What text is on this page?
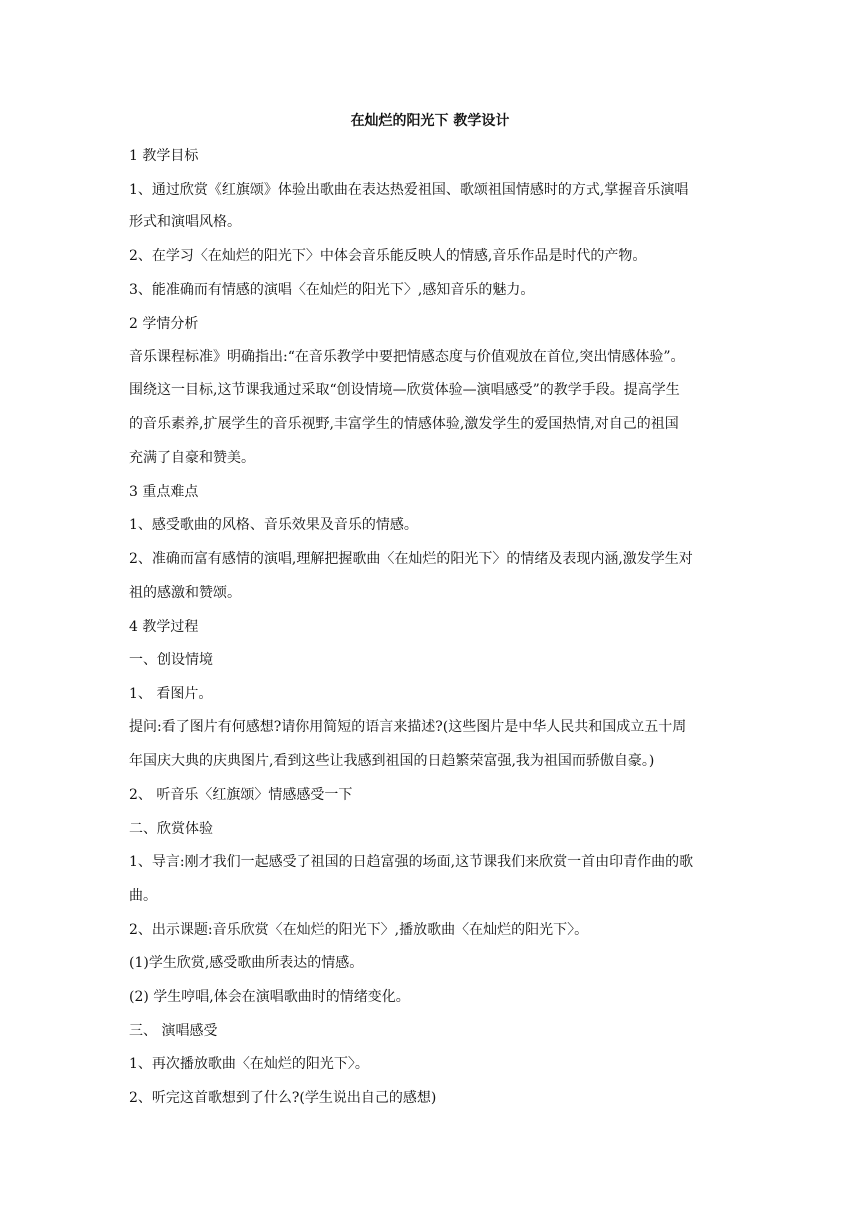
在灿烂的阳光下 教学设计
1 教学目标
1、通过欣赏《红旗颂》体验出歌曲在表达热爱祖国、歌颂祖国情感时的方式,掌握音乐演唱
形式和演唱风格。
2、在学习〈在灿烂的阳光下〉中体会音乐能反映人的情感,音乐作品是时代的产物。
3、能准确而有情感的演唱〈在灿烂的阳光下〉,感知音乐的魅力。
2 学情分析
音乐课程标准》明确指出:“在音乐教学中要把情感态度与价值观放在首位,突出情感体验”。
围绕这一目标,这节课我通过采取“创设情境—欣赏体验—演唱感受”的教学手段。提高学生
的音乐素养,扩展学生的音乐视野,丰富学生的情感体验,激发学生的爱国热情,对自己的祖国
充满了自豪和赞美。
3 重点难点
1、感受歌曲的风格、音乐效果及音乐的情感。
2、准确而富有感情的演唱,理解把握歌曲〈在灿烂的阳光下〉的情绪及表现内涵,激发学生对
祖的感激和赞颂。
4 教学过程
一、创设情境
1、 看图片。
提问:看了图片有何感想?请你用简短的语言来描述?(这些图片是中华人民共和国成立五十周
年国庆大典的庆典图片,看到这些让我感到祖国的日趋繁荣富强,我为祖国而骄傲自豪。)
2、 听音乐〈红旗颂〉情感感受一下
二、欣赏体验
1、导言:刚才我们一起感受了祖国的日趋富强的场面,这节课我们来欣赏一首由印青作曲的歌
曲。
2、出示课题:音乐欣赏〈在灿烂的阳光下〉,播放歌曲〈在灿烂的阳光下〉。
(1)学生欣赏,感受歌曲所表达的情感。
(2) 学生哼唱,体会在演唱歌曲时的情绪变化。
三、 演唱感受
1、再次播放歌曲〈在灿烂的阳光下〉。
2、听完这首歌想到了什么?(学生说出自己的感想)
